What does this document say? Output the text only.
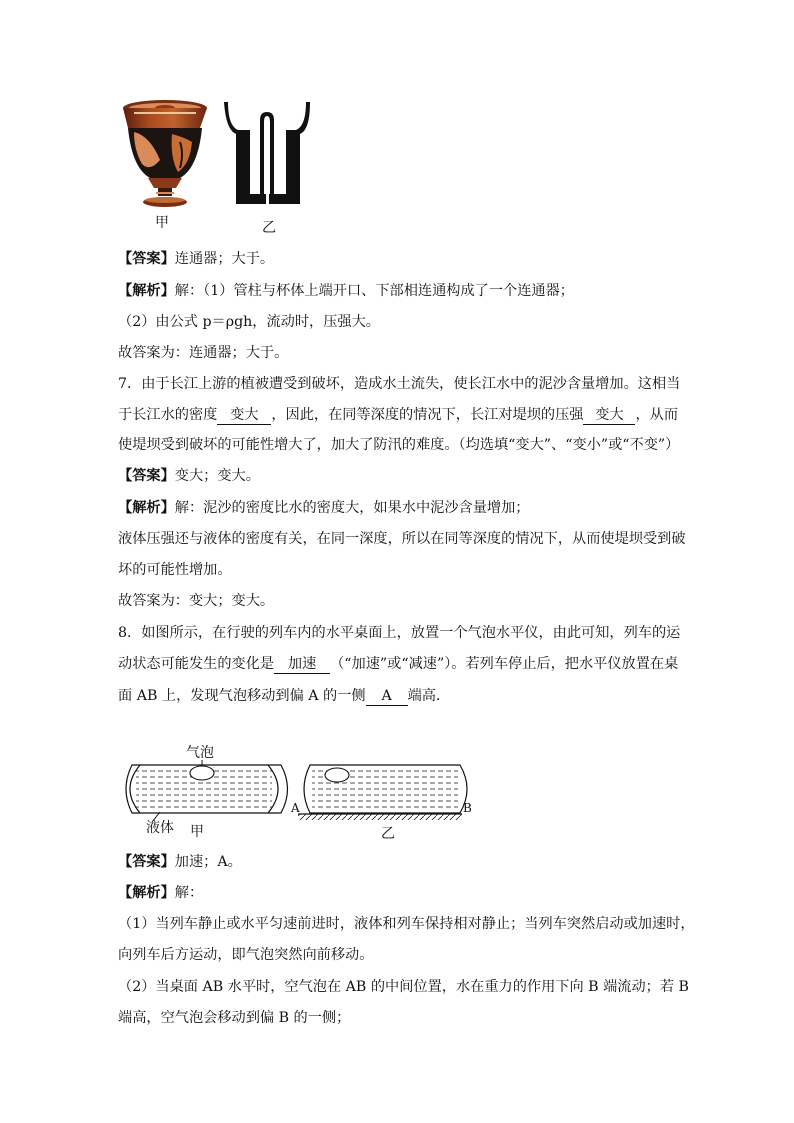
甲	乙
【答案】连通器；大于。
【解析】解：（1）管柱与杯体上端开口、下部相连通构成了一个连通器；
（2）由公式 p＝ρgh，流动时，压强大。
故答案为：连通器；大于。
7．由于长江上游的植被遭受到破坏，造成水土流失，使长江水中的泥沙含量增加。这相当
于长江水的密度 变大 ，因此，在同等深度的情况下，长江对堤坝的压强 变大 ，从而
使堤坝受到破坏的可能性增大了，加大了防汛的难度。（均选填“变大”、“变小”或“不变”）
【答案】变大；变大。
【解析】解：泥沙的密度比水的密度大，如果水中泥沙含量增加；
液体压强还与液体的密度有关，在同一深度，所以在同等深度的情况下，从而使堤坝受到破
坏的可能性增加。
故答案为：变大；变大。
8．如图所示，在行驶的列车内的水平桌面上，放置一个气泡水平仪，由此可知，列车的运
动状态可能发生的变化是 加速 （“加速”或“减速”）。若列车停止后，把水平仪放置在桌
面 AB 上，发现气泡移动到偏 A 的一侧 A 端高．
气泡
液体 甲	乙
A	B
【答案】加速；A。
【解析】解：
（1）当列车静止或水平匀速前进时，液体和列车保持相对静止；当列车突然启动或加速时，
向列车后方运动，即气泡突然向前移动。
（2）当桌面 AB 水平时，空气泡在 AB 的中间位置，水在重力的作用下向 B 端流动；若 B
端高，空气泡会移动到偏 B 的一侧；
